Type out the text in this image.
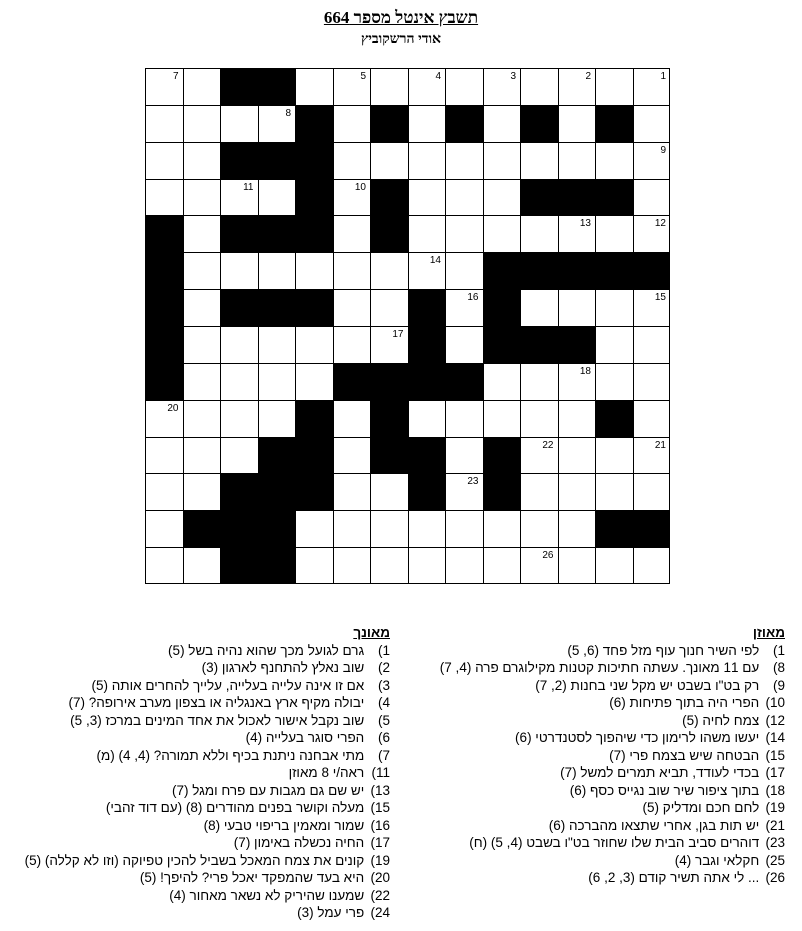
תשבץ אינטל מספר 664
אודי הרשקוביץ
1
2
3
4
5
6
7
8
9
10
11
12
13
14
15
16
17
18
19
20
21
22
23
24
25
26
מאוזן
1) לפי השיר חנוך עוף מזל פחד (6, 5)
8) עם 11 מאונך. עשתה חתיכות קטנות מקילוגרם פרה (4, 7)
9) רק בט"ו בשבט יש מקל שני בחנות (2, 7)
10) הפרי היה בתוך פתיחות (6)
12) צמח לחיה (5)
14) יעשו משהו לרימון כדי שיהפוך לסטנדרטי (6)
15) הבטחה שיש בצמח פרי (7)
17) בכדי לעודד, תביא תמרים למשל (7)
18) בתוך ציפור שיר שוב נגייס כסף (6)
19) לחם חכם ומדליק (5)
21) יש תות בגן, אחרי שתצאו מהברכה (6)
23) דוהרים סביב הבית שלו שחוזר בט"ו בשבט (4, 5) (ח)
25) חקלאי וגבר (4)
26) ... לי אתה תשיר קודם (3, 2, 6)
מאונך
1) גרם לגועל מכך שהוא נהיה בשל (5)
2) שוב נאלץ להתחנף לארגון (3)
3) אם זו אינה עלייה בעלייה, עלייך להחרים אותה (5)
4) יבולה מקיף ארץ באנגליה או בצפון מערב אירופה? (7)
5) שוב נקבל אישור לאכול את אחד המינים במרכז (3, 5)
6) הפרי סוגר בעלייה (4)
7) מתי אבחנה ניתנת בכיף וללא תמורה? (4, 4) (מ)
11) ראה/י 8 מאוזן
13) יש שם גם מגבות עם פרח ומגל (7)
15) מעלה וקושר בפנים מהודרים (8) (עם דוד זהבי)
16) שמור ומאמין בריפוי טבעי (8)
17) החיה נכשלה באימון (7)
19) קונים את צמח המאכל בשביל להכין טפיוקה (וזו לא קללה) (5)
20) היא בעד שהמפקד יאכל פרי? להיפך! (5)
22) שמענו שהיריק לא נשאר מאחור (4)
24) פרי עמל (3)
